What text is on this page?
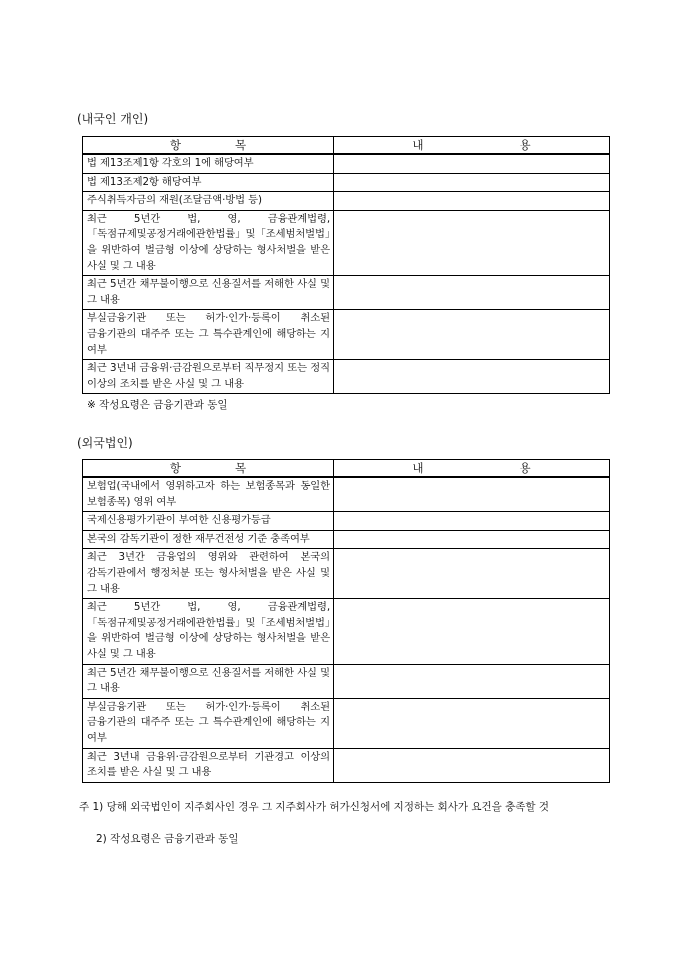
(내국인 개인)
항 목	내 용
법 제13조제1항 각호의 1에 해당여부	
법 제13조제2항 해당여부	
주식취득자금의 재원(조달금액·방법 등)	
최근 5년간 법, 영, 금융관계법령,「독점규제및공정거래에관한법률」및「조세범처벌법」을 위반하여 벌금형 이상에 상당하는 형사처벌을 받은 사실 및 그 내용	
최근 5년간 채무불이행으로 신용질서를 저해한 사실 및 그 내용	
부실금융기관 또는 허가·인가·등록이 취소된 금융기관의 대주주 또는 그 특수관계인에 해당하는 지 여부	
최근 3년내 금융위·금감원으로부터 직무정지 또는 정직 이상의 조치를 받은 사실 및 그 내용	
※ 작성요령은 금융기관과 동일
(외국법인)
항 목	내 용
보험업(국내에서 영위하고자 하는 보험종목과 동일한 보험종목) 영위 여부	
국제신용평가기관이 부여한 신용평가등급	
본국의 감독기관이 정한 재무건전성 기준 충족여부	
최근 3년간 금융업의 영위와 관련하여 본국의 감독기관에서 행정처분 또는 형사처벌을 받은 사실 및 그 내용	
최근 5년간 법, 영, 금융관계법령,「독점규제및공정거래에관한법률」및「조세범처벌법」을 위반하여 벌금형 이상에 상당하는 형사처벌을 받은 사실 및 그 내용	
최근 5년간 채무불이행으로 신용질서를 저해한 사실 및 그 내용	
부실금융기관 또는 허가·인가·등록이 취소된 금융기관의 대주주 또는 그 특수관계인에 해당하는 지 여부	
최근 3년내 금융위·금감원으로부터 기관경고 이상의 조치를 받은 사실 및 그 내용	
주 1) 당해 외국법인이 지주회사인 경우 그 지주회사가 허가신청서에 지정하는 회사가 요건을 충족할 것
2) 작성요령은 금융기관과 동일
